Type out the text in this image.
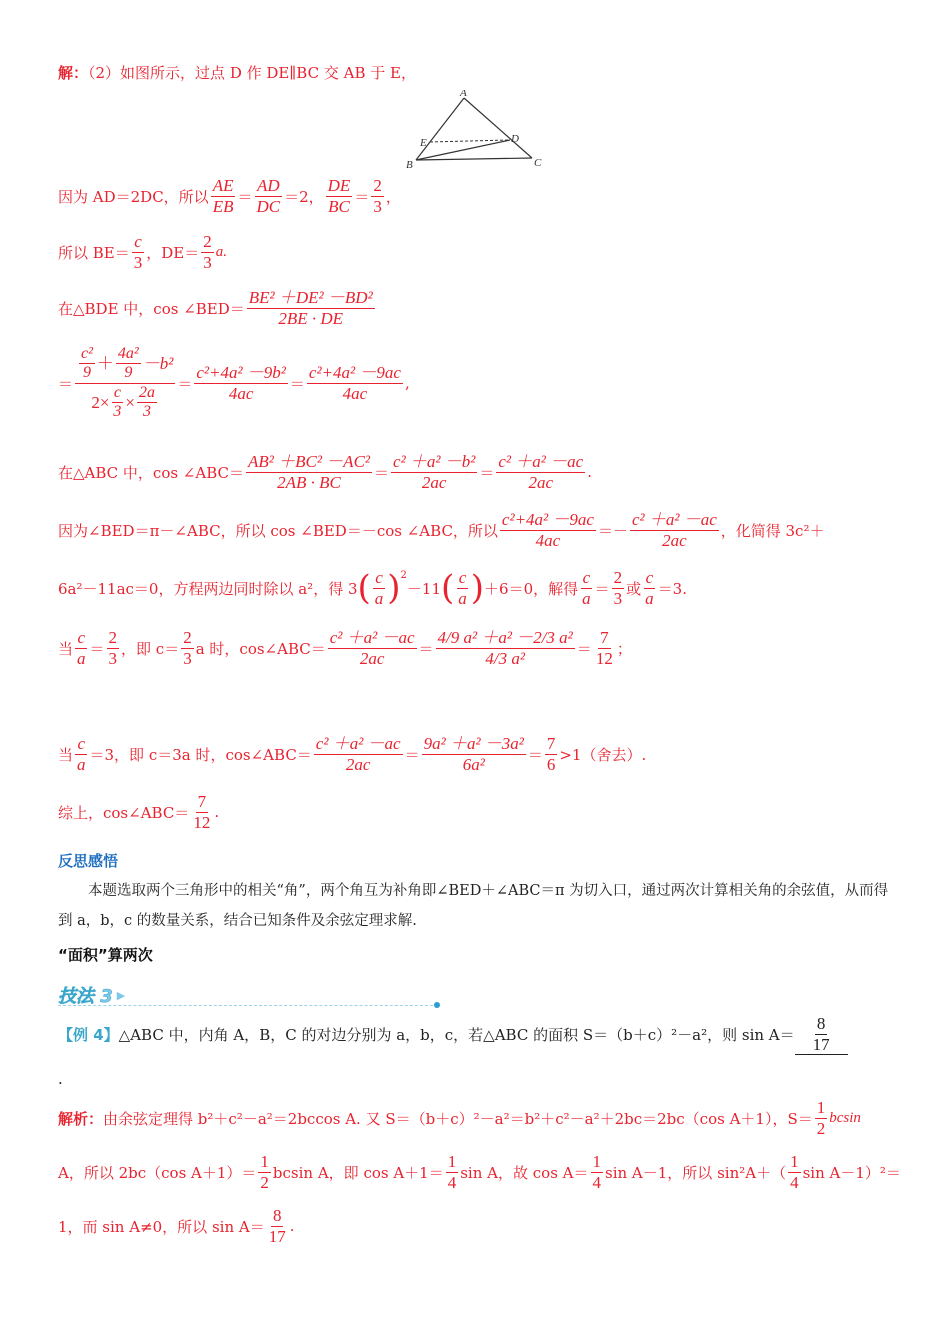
解：（2）如图所示，过点 D 作 DE∥BC 交 AB 于 E，
A
E	D
B	C
因为 AD＝2DC，所以 $\frac{AE}{EB} = \frac{AD}{DC} =2$， $\frac{DE}{BC} = \frac{2}{3}$ ，
所以 $BE= \frac{c}{3}$ ，$DE= \frac{2}{3} a$.
在△BDE 中，cos ∠BED＝ $\frac{\text{BE² ＋DE² －BD²}}{2BE \cdot DE}$
＝ $\frac{\frac{\text{c²}}{9} + \frac{\text{4a²}}{9} -b^2}{2\times \frac{c}{3} \times \frac{2a}{3}} = \frac{\text{c²+4a² －9b²}}{4ac} = \frac{\text{c²+4a² －9ac}}{4ac}$ ,
在△ABC 中，cos ∠ABC＝ $\frac{\text{AB² ＋BC² －AC²}}{2AB \cdot BC} = \frac{\text{c² ＋a² －b²}}{2ac} = \frac{\text{c² ＋a² －ac}}{2ac}$ .
因为∠BED＝π－∠ABC，所以 cos ∠BED＝－cos ∠ABC，所以 $\frac{\text{c²+4a² －9ac}}{4ac} =- \frac{\text{c² ＋a² －ac}}{2ac}$ ，化简得 3c²＋
6a²－11ac＝0，方程两边同时除以 a²，得 3 ( $\frac{c}{a} )^2$
－11 ( $\frac{c}{a}$ ) ＋6＝0，解得 $\frac{c}{a} = \frac{2}{3}$ 或 $\frac{c}{a} =3$.
当 $\frac{c}{a} = \frac{2}{3}$ ，即 $c= \frac{2}{3}$ a 时，cos∠ABC＝ $\frac{\text{c² ＋a² －ac}}{2ac} = \frac{\text{4/9 a² ＋a² －2/3 a²}}{\text{4/3 a²}} = \frac{7}{12}$ ；
当 $\frac{c}{a} =3$，即 c＝3a 时，cos∠ABC＝ $\frac{\text{c² ＋a² －ac}}{2ac} = \frac{\text{9a² ＋a² －3a²}}{\text{6a²}} = \frac{7}{6} >1$（舍去）.
综上，cos∠ABC＝ $\frac{7}{12}$ .
反思感悟
本题选取两个三角形中的相关“角”，两个角互为补角即∠BED＋∠ABC＝π 为切入口，通过两次计算相关角的余弦值，从而得到 a，b，c 的数量关系，结合已知条件及余弦定理求解.
“面积”算两次
技法 3 ▶
【例 4】 △ABC 中，内角 A，B，C 的对边分别为 a，b，c，若△ABC 的面积 S＝（b＋c）²－a²，则 $\sin A= \frac{8}{17}$
.
解析： 由余弦定理得 b²＋c²－a²＝2bccos A. 又 S＝（b＋c）²－a²＝b²＋c²－a²＋2bc＝2bc（cos A＋1），$S= \frac{1}{2}$ bcsin
A，所以 2bc（cos $A+1)= \frac{1}{2}$ bcsin A，即 $\cos A+1= \frac{1}{4}$ sin A，故 $\cos A= \frac{1}{4}$ sin A－1，所以 $\sin^2A+( \frac{1}{4}$ sin A－1）²＝
1，而 sin A≠0，所以 $\sin A= \frac{8}{17}$ .
